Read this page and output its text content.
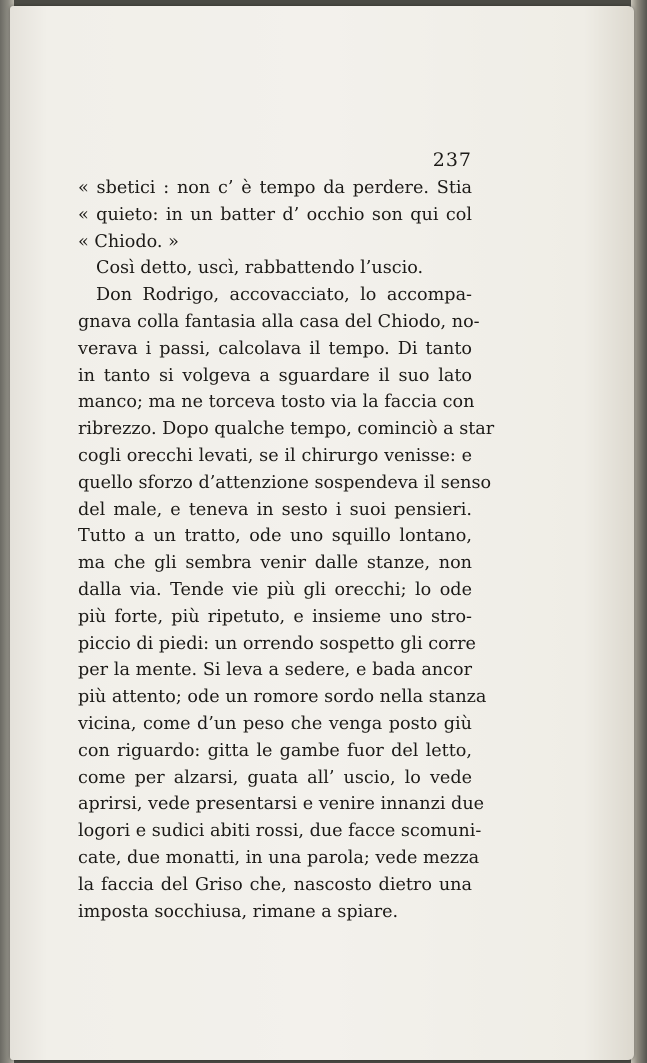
237
« sbetici : non c’ è tempo da perdere. Stia
« quieto: in un batter d’ occhio son qui col
« Chiodo. »
Così detto, uscì, rabbattendo l’uscio.
Don Rodrigo, accovacciato, lo accompa-
gnava colla fantasia alla casa del Chiodo, no-
verava i passi, calcolava il tempo. Di tanto
in tanto si volgeva a sguardare il suo lato
manco; ma ne torceva tosto via la faccia con
ribrezzo. Dopo qualche tempo, cominciò a star
cogli orecchi levati, se il chirurgo venisse: e
quello sforzo d’attenzione sospendeva il senso
del male, e teneva in sesto i suoi pensieri.
Tutto a un tratto, ode uno squillo lontano,
ma che gli sembra venir dalle stanze, non
dalla via. Tende vie più gli orecchi; lo ode
più forte, più ripetuto, e insieme uno stro-
piccio di piedi: un orrendo sospetto gli corre
per la mente. Si leva a sedere, e bada ancor
più attento; ode un romore sordo nella stanza
vicina, come d’un peso che venga posto giù
con riguardo: gitta le gambe fuor del letto,
come per alzarsi, guata all’ uscio, lo vede
aprirsi, vede presentarsi e venire innanzi due
logori e sudici abiti rossi, due facce scomuni-
cate, due monatti, in una parola; vede mezza
la faccia del Griso che, nascosto dietro una
imposta socchiusa, rimane a spiare.
